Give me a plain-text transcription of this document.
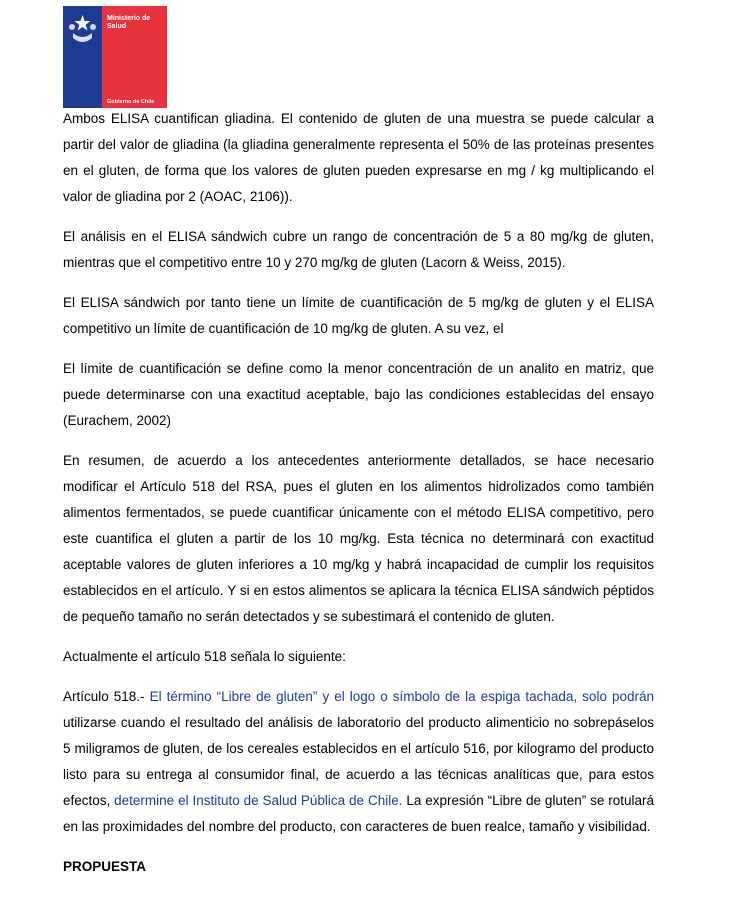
Ministerio de
Salud
Gobierno de Chile

Ambos ELISA cuantifican gliadina. El contenido de gluten de una muestra se puede calcular a partir del valor de gliadina (la gliadina generalmente representa el 50% de las proteínas presentes en el gluten, de forma que los valores de gluten pueden expresarse en mg / kg multiplicando el valor de gliadina por 2 (AOAC, 2106)).

El análisis en el ELISA sándwich cubre un rango de concentración de 5 a 80 mg/kg de gluten, mientras que el competitivo entre 10 y 270 mg/kg de gluten (Lacorn & Weiss, 2015).

El ELISA sándwich por tanto tiene un límite de cuantificación de 5 mg/kg de gluten y el ELISA competitivo un límite de cuantificación de 10 mg/kg de gluten. A su vez, el

El límite de cuantificación se define como la menor concentración de un analito en matriz, que puede determinarse con una exactitud aceptable, bajo las condiciones establecidas del ensayo (Eurachem, 2002)

En resumen, de acuerdo a los antecedentes anteriormente detallados, se hace necesario modificar el Artículo 518 del RSA, pues el gluten en los alimentos hidrolizados como también alimentos fermentados, se puede cuantificar únicamente con el método ELISA competitivo, pero este cuantifica el gluten a partir de los 10 mg/kg. Esta técnica no determinará con exactitud aceptable valores de gluten inferiores a 10 mg/kg y habrá incapacidad de cumplir los requisitos establecidos en el artículo. Y si en estos alimentos se aplicara la técnica ELISA sándwich péptidos de pequeño tamaño no serán detectados y se subestimará el contenido de gluten.

Actualmente el artículo 518 señala lo siguiente:

Artículo 518.- El término “Libre de gluten” y el logo o símbolo de la espiga tachada, solo podrán utilizarse cuando el resultado del análisis de laboratorio del producto alimenticio no sobrepáselos 5 miligramos de gluten, de los cereales establecidos en el artículo 516, por kilogramo del producto listo para su entrega al consumidor final, de acuerdo a las técnicas analíticas que, para estos efectos, determine el Instituto de Salud Pública de Chile. La expresión “Libre de gluten” se rotulará en las proximidades del nombre del producto, con caracteres de buen realce, tamaño y visibilidad.

PROPUESTA
